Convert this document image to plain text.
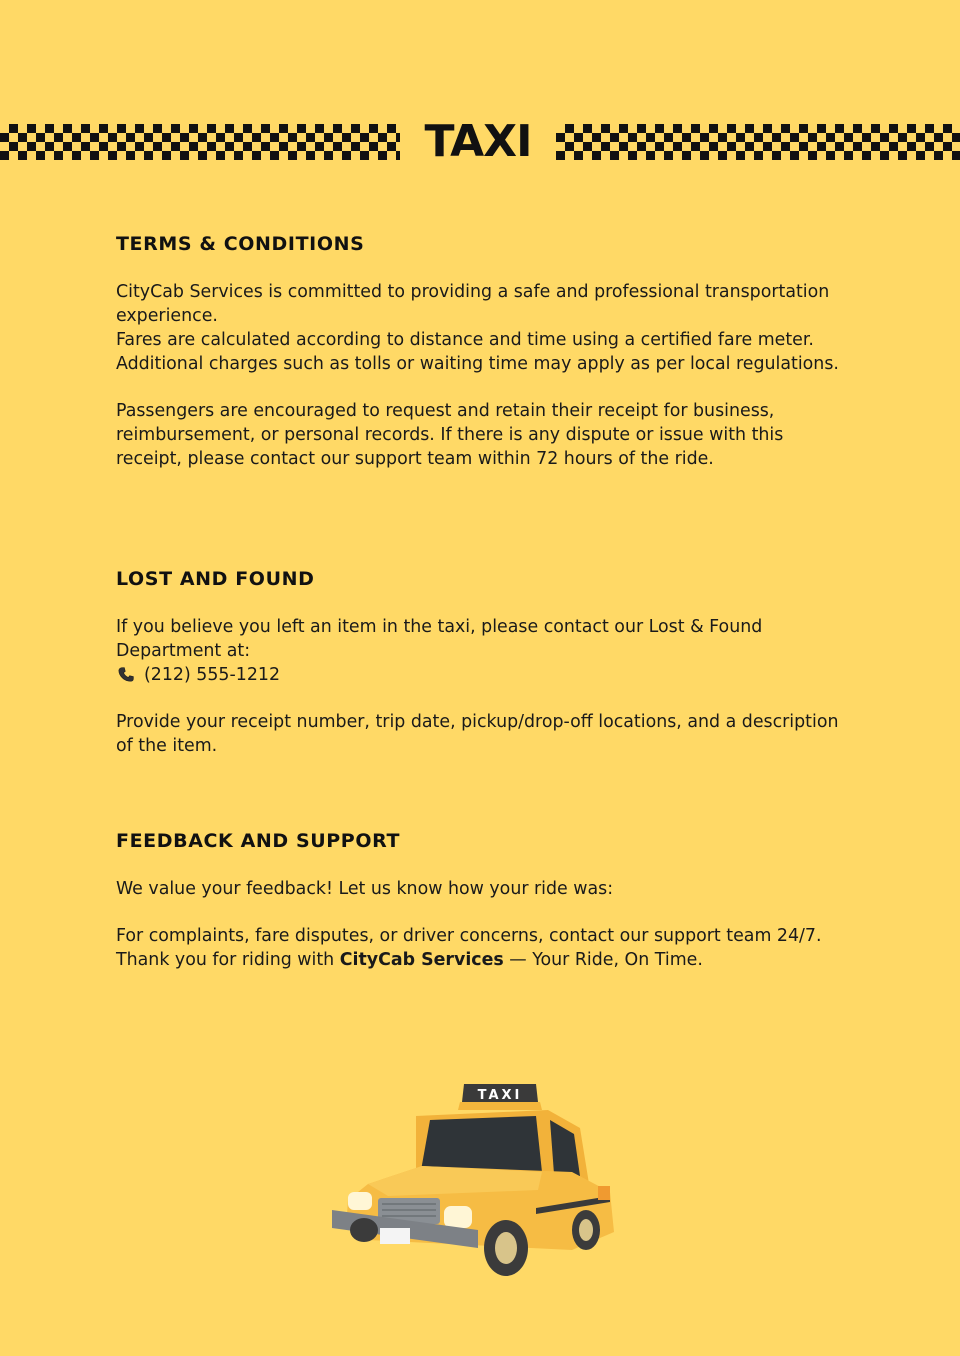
TAXI
TERMS & CONDITIONS

CityCab Services is committed to providing a safe and professional transportation experience.

Fares are calculated according to distance and time using a certified fare meter. Additional charges such as tolls or waiting time may apply as per local regulations.

Passengers are encouraged to request and retain their receipt for business, reimbursement, or personal records. If there is any dispute or issue with this receipt, please contact our support team within 72 hours of the ride.

LOST AND FOUND

If you believe you left an item in the taxi, please contact our Lost & Found Department at:

(212) 555-1212

Provide your receipt number, trip date, pickup/drop-off locations, and a description of the item.

FEEDBACK AND SUPPORT

We value your feedback! Let us know how your ride was:

For complaints, fare disputes, or driver concerns, contact our support team 24/7.

Thank you for riding with CityCab Services — Your Ride, On Time.

TAXI
